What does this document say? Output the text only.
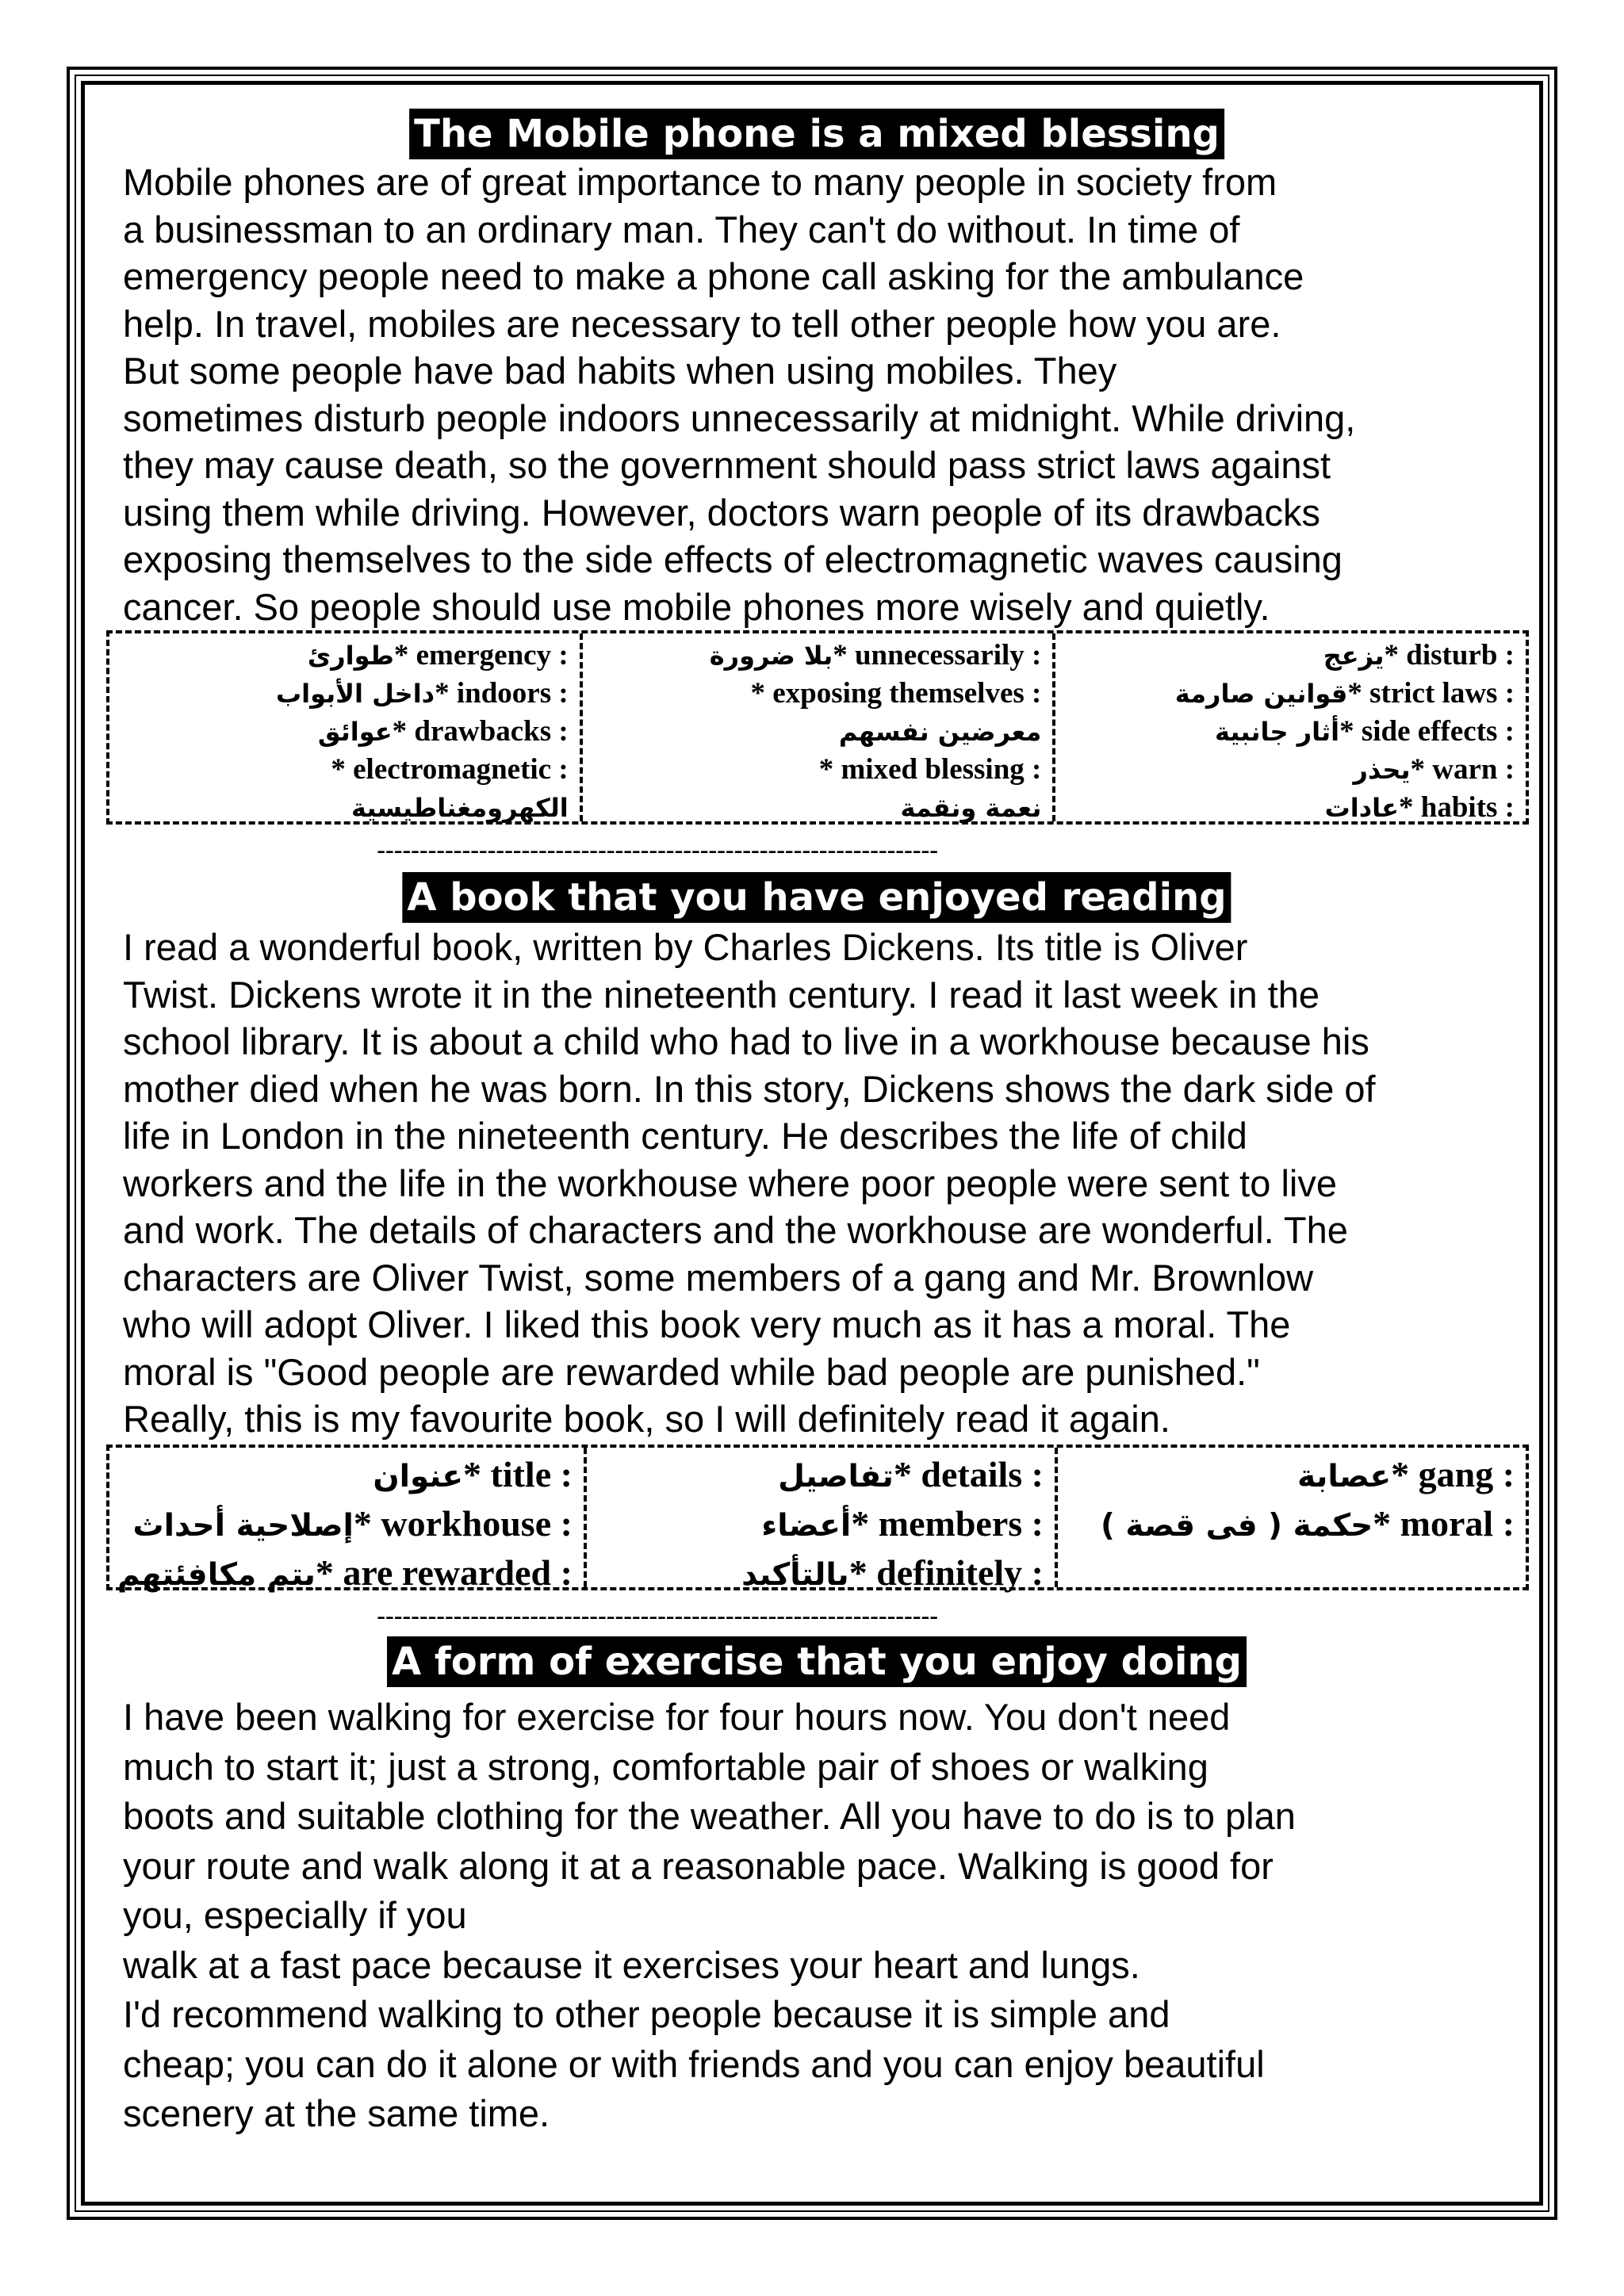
The Mobile phone is a mixed blessing
Mobile phones are of great importance to many people in society from
a businessman to an ordinary man. They can't do without. In time of
emergency people need to make a phone call asking for the ambulance
help. In travel, mobiles are necessary to tell other people how you are.
But some people have bad habits when using mobiles. They
sometimes disturb people indoors unnecessarily at midnight. While driving,
they may cause death, so the government should pass strict laws against
using them while driving. However, doctors warn people of its drawbacks
exposing themselves to the side effects of electromagnetic waves causing
cancer. So people should use mobile phones more wisely and quietly.
طوارئ* emergency :
داخل الأبواب* indoors :
عوائق* drawbacks :
* electromagnetic :
الكهرومغناطيسية
بلا ضرورة* unnecessarily :
* exposing themselves :
معرضين نفسهم
* mixed blessing :
نعمة ونقمة
يزعج* disturb :
قوانين صارمة* strict laws :
أثار جانبية* side effects :
يحذر* warn :
عادات* habits :
------------------------------------------------------------------
A book that you have enjoyed reading
I read a wonderful book, written by Charles Dickens. Its title is Oliver
Twist. Dickens wrote it in the nineteenth century. I read it last week in the
school library. It is about a child who had to live in a workhouse because his
mother died when he was born. In this story, Dickens shows the dark side of
life in London in the nineteenth century. He describes the life of child
workers and the life in the workhouse where poor people were sent to live
and work. The details of characters and the workhouse are wonderful. The
characters are Oliver Twist, some members of a gang and Mr. Brownlow
who will adopt Oliver. I liked this book very much as it has a moral. The
moral is "Good people are rewarded while bad people are punished."
Really, this is my favourite book, so I will definitely read it again.
عنوان* title :
إصلاحية أحداث* workhouse :
يتم مكافئتهم* are rewarded :
تفاصيل* details :
أعضاء* members :
بالتأكيد* definitely :
عصابة* gang :
حكمة ( فى قصة )* moral :
------------------------------------------------------------------
A form of exercise that you enjoy doing
I have been walking for exercise for four hours now. You don't need
much to start it; just a strong, comfortable pair of shoes or walking
boots and suitable clothing for the weather. All you have to do is to plan
your route and walk along it at a reasonable pace. Walking is good for
you, especially if you
walk at a fast pace because it exercises your heart and lungs.
I'd recommend walking to other people because it is simple and
cheap; you can do it alone or with friends and you can enjoy beautiful
scenery at the same time.
